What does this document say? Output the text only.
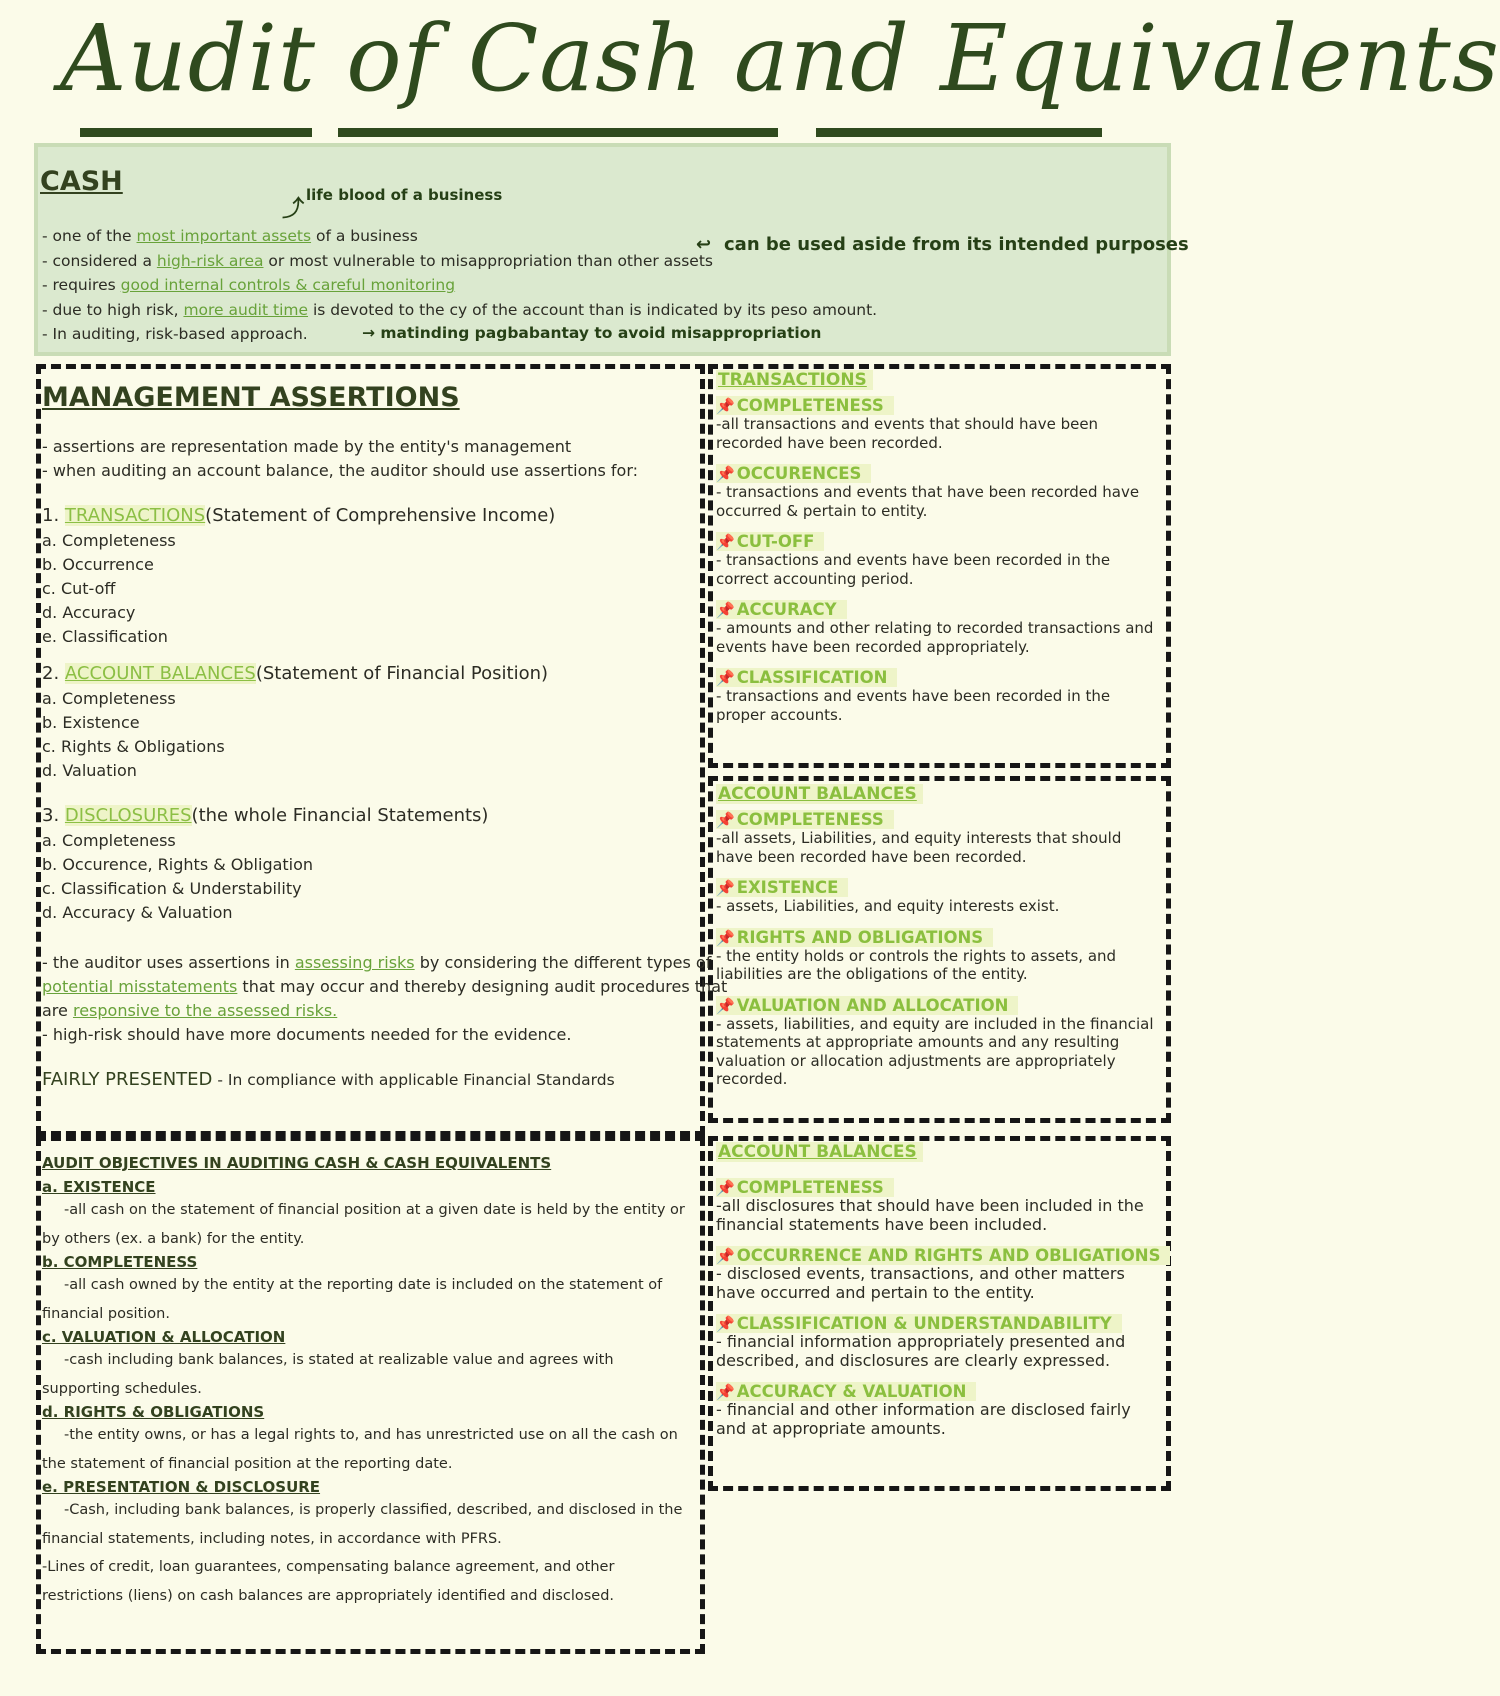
Audit of Cash and Equivalents
CASH
⤴
life blood of a business
↩ can be used aside from its intended purposes
→ matinding pagbabantay to avoid misappropriation
- one of the most important assets of a business
- considered a high-risk area or most vulnerable to misappropriation than other assets
- requires good internal controls & careful monitoring
- due to high risk, more audit time is devoted to the cy of the account than is indicated by its peso amount.
- In auditing, risk-based approach.
MANAGEMENT ASSERTIONS
- assertions are representation made by the entity's management
- when auditing an account balance, the auditor should use assertions for:
1. TRANSACTIONS(Statement of Comprehensive Income)
a. Completeness
b. Occurrence
c. Cut-off
d. Accuracy
e. Classification
2. ACCOUNT BALANCES(Statement of Financial Position)
a. Completeness
b. Existence
c. Rights & Obligations
d. Valuation
3. DISCLOSURES(the whole Financial Statements)
a. Completeness
b. Occurence, Rights & Obligation
c. Classification & Understability
d. Accuracy & Valuation
- the auditor uses assertions in assessing risks by considering the different types of
potential misstatements that may occur and thereby designing audit procedures that
are responsive to the assessed risks.
- high-risk should have more documents needed for the evidence.
FAIRLY PRESENTED - In compliance with applicable Financial Standards
TRANSACTIONS
📌 COMPLETENESS
-all transactions and events that should have been recorded have been recorded.
📌 OCCURENCES
- transactions and events that have been recorded have occurred & pertain to entity.
📌 CUT-OFF
- transactions and events have been recorded in the correct accounting period.
📌 ACCURACY
- amounts and other relating to recorded transactions and events have been recorded appropriately.
📌 CLASSIFICATION
- transactions and events have been recorded in the proper accounts.
ACCOUNT BALANCES
📌 COMPLETENESS
-all assets, Liabilities, and equity interests that should have been recorded have been recorded.
📌 EXISTENCE
- assets, Liabilities, and equity interests exist.
📌 RIGHTS AND OBLIGATIONS
- the entity holds or controls the rights to assets, and liabilities are the obligations of the entity.
📌 VALUATION AND ALLOCATION
- assets, liabilities, and equity are included in the financial statements at appropriate amounts and any resulting valuation or allocation adjustments are appropriately recorded.
ACCOUNT BALANCES
📌 COMPLETENESS
-all disclosures that should have been included in the financial statements have been included.
📌 OCCURRENCE AND RIGHTS AND OBLIGATIONS
- disclosed events, transactions, and other matters have occurred and pertain to the entity.
📌 CLASSIFICATION & UNDERSTANDABILITY
- financial information appropriately presented and described, and disclosures are clearly expressed.
📌 ACCURACY & VALUATION
- financial and other information are disclosed fairly and at appropriate amounts.
AUDIT OBJECTIVES IN AUDITING CASH & CASH EQUIVALENTS
a. EXISTENCE
-all cash on the statement of financial position at a given date is held by the entity or by others (ex. a bank) for the entity.
b. COMPLETENESS
-all cash owned by the entity at the reporting date is included on the statement of financial position.
c. VALUATION & ALLOCATION
-cash including bank balances, is stated at realizable value and agrees with supporting schedules.
d. RIGHTS & OBLIGATIONS
-the entity owns, or has a legal rights to, and has unrestricted use on all the cash on the statement of financial position at the reporting date.
e. PRESENTATION & DISCLOSURE
-Cash, including bank balances, is properly classified, described, and disclosed in the financial statements, including notes, in accordance with PFRS.
-Lines of credit, loan guarantees, compensating balance agreement, and other restrictions (liens) on cash balances are appropriately identified and disclosed.
